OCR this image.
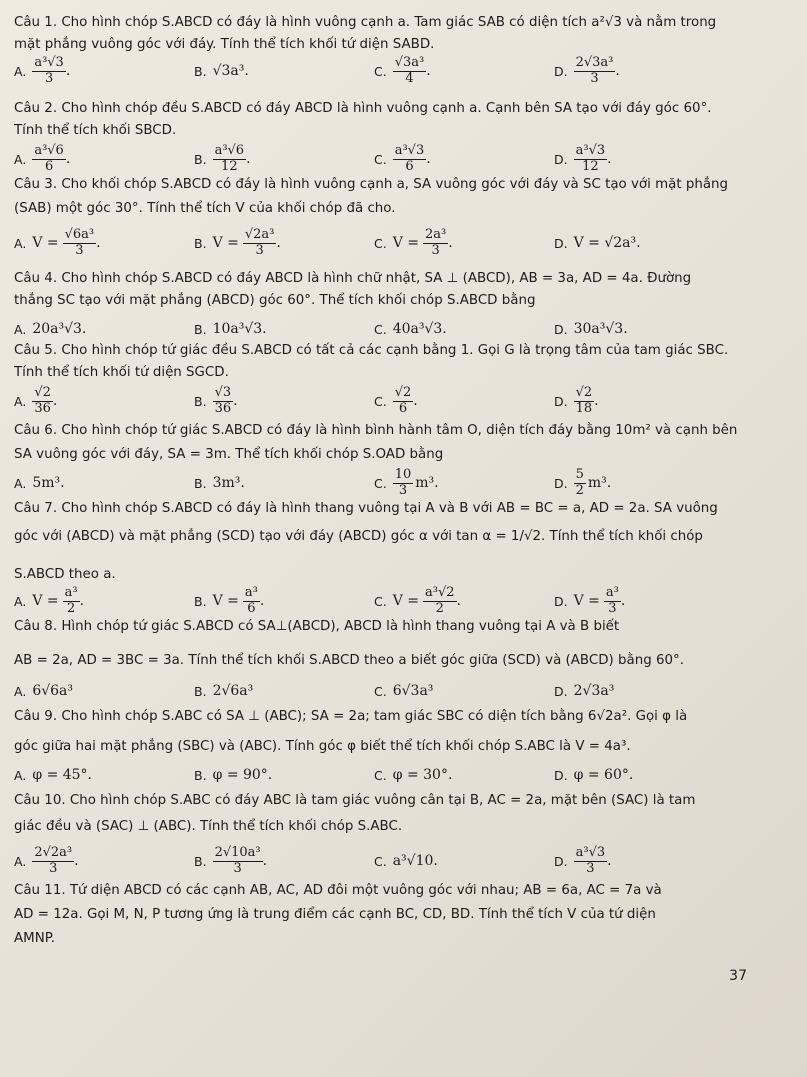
Câu 1. Cho hình chóp S.ABCD có đáy là hình vuông cạnh a. Tam giác SAB có diện tích a²√3 và nằm trong
mặt phẳng vuông góc với đáy. Tính thể tích khối tứ diện SABD.
A. $\frac{\text{a³√3}}{3}$ .	B. √3a³.	C. $\frac{\text{√3a³}}{4}$ .	D. $\frac{\text{2√3a³}}{3}$ .
Câu 2. Cho hình chóp đều S.ABCD có đáy ABCD là hình vuông cạnh a. Cạnh bên SA tạo với đáy góc 60°.
Tính thể tích khối SBCD.
A. $\frac{\text{a³√6}}{6}$ .	B. $\frac{\text{a³√6}}{12}$ .	C. $\frac{\text{a³√3}}{6}$ .	D. $\frac{\text{a³√3}}{12}$ .
Câu 3. Cho khối chóp S.ABCD có đáy là hình vuông cạnh a, SA vuông góc với đáy và SC tạo với mặt phẳng
(SAB) một góc 30°. Tính thể tích V của khối chóp đã cho.
A. $V = \frac{\text{√6a³}}{3}$ .	B. $V = \frac{\text{√2a³}}{3}$ .	C. $V = \frac{\text{2a³}}{3}$ .	D. V = √2a³.
Câu 4. Cho hình chóp S.ABCD có đáy ABCD là hình chữ nhật, SA ⊥ (ABCD), AB = 3a, AD = 4a. Đường
thẳng SC tạo với mặt phẳng (ABCD) góc 60°. Thể tích khối chóp S.ABCD bằng
A. 20a³√3.	B. 10a³√3.	C. 40a³√3.	D. 30a³√3.
Câu 5. Cho hình chóp tứ giác đều S.ABCD có tất cả các cạnh bằng 1. Gọi G là trọng tâm của tam giác SBC.
Tính thể tích khối tứ diện SGCD.
A. $\frac{√2}{36}$ .	B. $\frac{√3}{36}$ .	C. $\frac{√2}{6}$ .	D. $\frac{√2}{18}$ .
Câu 6. Cho hình chóp tứ giác S.ABCD có đáy là hình bình hành tâm O, diện tích đáy bằng 10m² và cạnh bên
SA vuông góc với đáy, SA = 3m. Thể tích khối chóp S.OAD bằng
A. 5m³.	B. 3m³.	C. $\frac{10}{3} m^3$.	D. $\frac{5}{2} m^3$.
Câu 7. Cho hình chóp S.ABCD có đáy là hình thang vuông tại A và B với AB = BC = a, AD = 2a. SA vuông
góc với (ABCD) và mặt phẳng (SCD) tạo với đáy (ABCD) góc α với tan α = 1/√2. Tính thể tích khối chóp
S.ABCD theo a.
A. $V = \frac{\text{a³}}{2}$ .	B. $V = \frac{\text{a³}}{6}$ .	C. $V = \frac{\text{a³√2}}{2}$ .	D. $V = \frac{\text{a³}}{3}$ .
Câu 8. Hình chóp tứ giác S.ABCD có SA⊥(ABCD), ABCD là hình thang vuông tại A và B biết
AB = 2a, AD = 3BC = 3a. Tính thể tích khối S.ABCD theo a biết góc giữa (SCD) và (ABCD) bằng 60°.
A. 6√6a³	B. 2√6a³	C. 6√3a³	D. 2√3a³
Câu 9. Cho hình chóp S.ABC có SA ⊥ (ABC); SA = 2a; tam giác SBC có diện tích bằng 6√2a². Gọi φ là
góc giữa hai mặt phẳng (SBC) và (ABC). Tính góc φ biết thể tích khối chóp S.ABC là V = 4a³.
A. φ = 45°.	B. φ = 90°.	C. φ = 30°.	D. φ = 60°.
Câu 10. Cho hình chóp S.ABC có đáy ABC là tam giác vuông cân tại B, AC = 2a, mặt bên (SAC) là tam
giác đều và (SAC) ⊥ (ABC). Tính thể tích khối chóp S.ABC.
A. $\frac{\text{2√2a³}}{3}$ .	B. $\frac{\text{2√10a³}}{3}$ .	C. a³√10.	D. $\frac{\text{a³√3}}{3}$ .
Câu 11. Tứ diện ABCD có các cạnh AB, AC, AD đôi một vuông góc với nhau; AB = 6a, AC = 7a và
AD = 12a. Gọi M, N, P tương ứng là trung điểm các cạnh BC, CD, BD. Tính thể tích V của tứ diện
AMNP.
37
